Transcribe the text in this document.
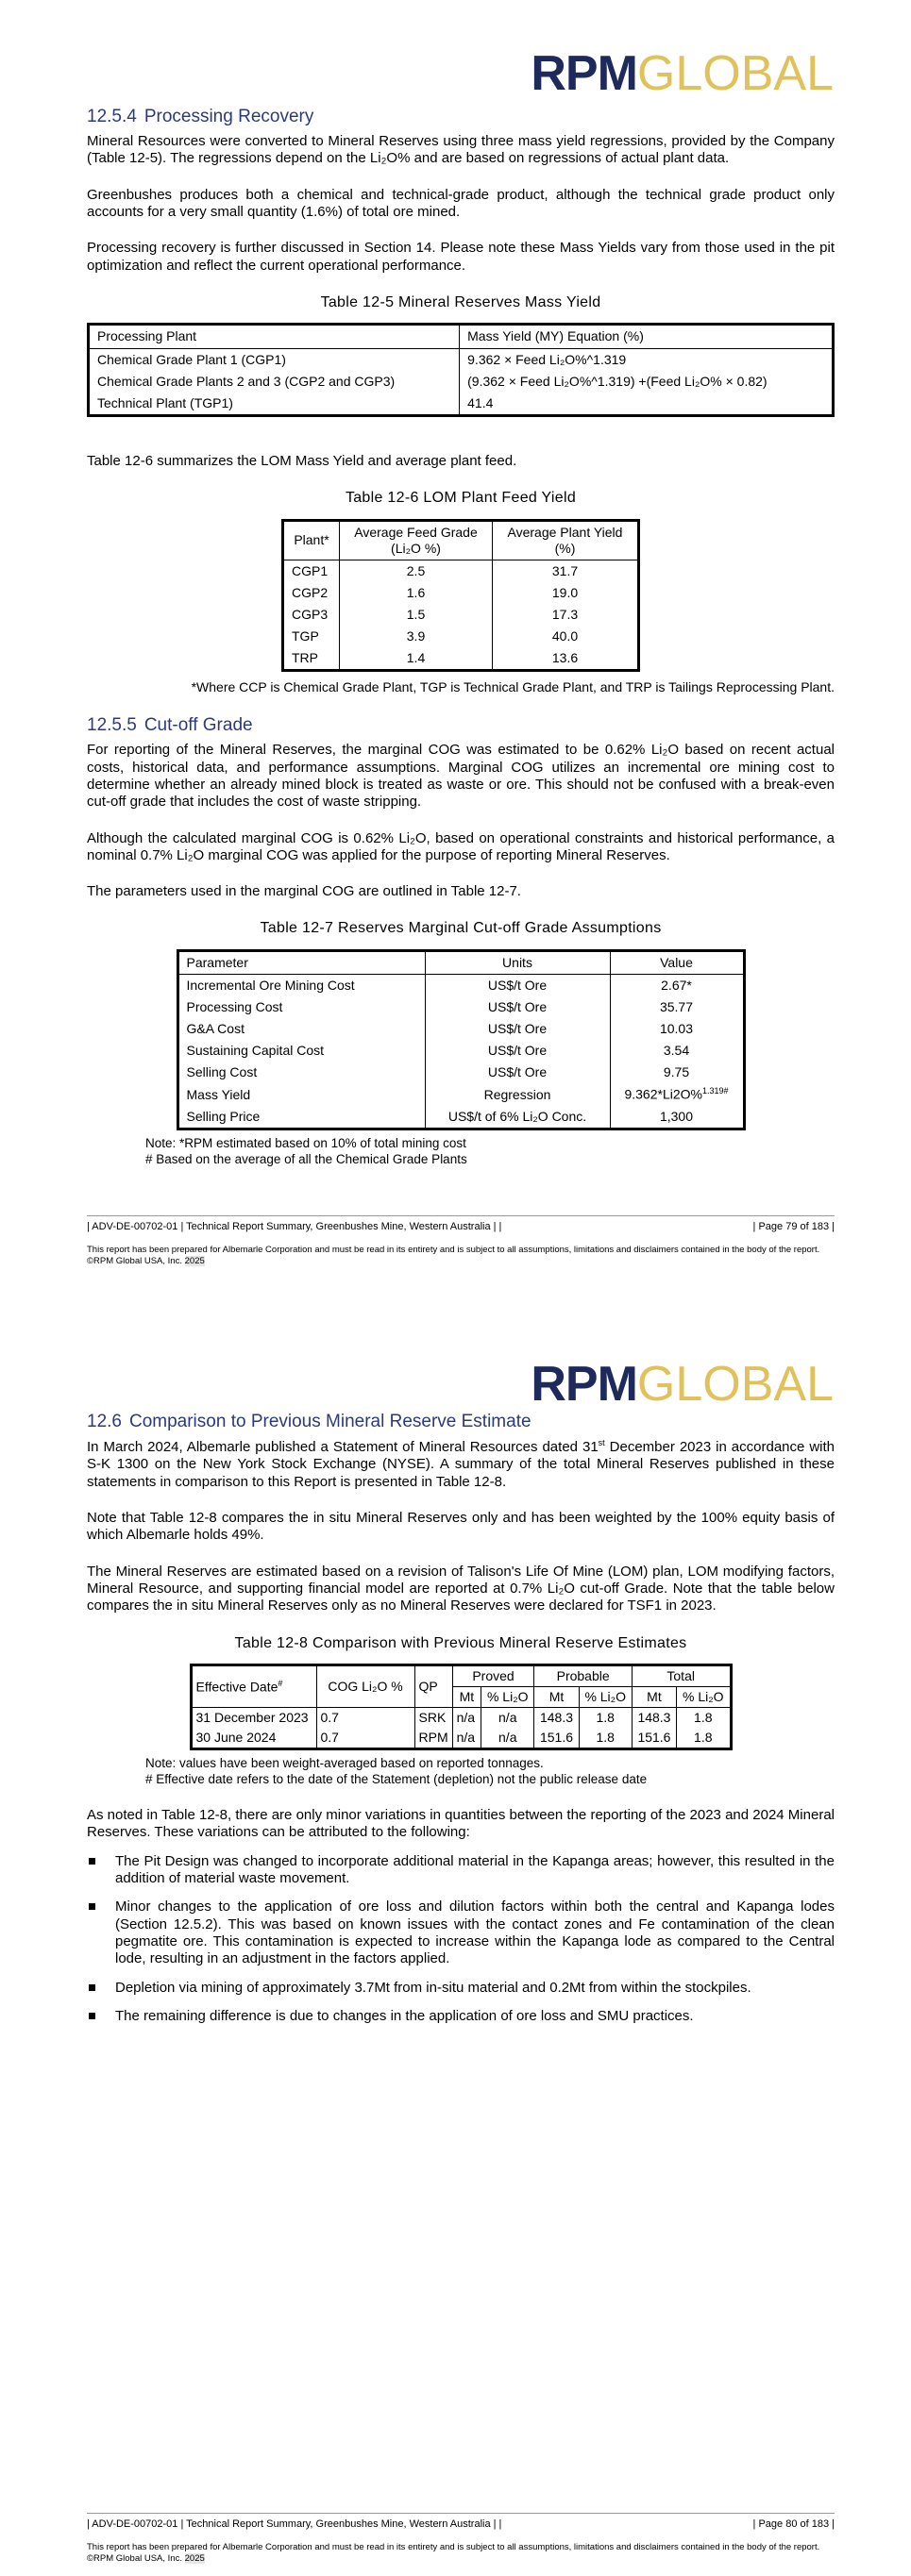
RPMGLOBAL
12.5.4 Processing Recovery

Mineral Resources were converted to Mineral Reserves using three mass yield regressions, provided by the Company (Table 12-5). The regressions depend on the Li₂O% and are based on regressions of actual plant data.

Greenbushes produces both a chemical and technical-grade product, although the technical grade product only accounts for a very small quantity (1.6%) of total ore mined.

Processing recovery is further discussed in Section 14. Please note these Mass Yields vary from those used in the pit optimization and reflect the current operational performance.

Table 12-5 Mineral Reserves Mass Yield
Processing Plant	Mass Yield (MY) Equation (%)
Chemical Grade Plant 1 (CGP1)	9.362 × Feed Li₂O%^1.319
Chemical Grade Plants 2 and 3 (CGP2 and CGP3)	(9.362 × Feed Li₂O%^1.319) +(Feed Li₂O% × 0.82)
Technical Plant (TGP1)	41.4

Table 12-6 summarizes the LOM Mass Yield and average plant feed.

Table 12-6 LOM Plant Feed Yield
Plant*	Average Feed Grade (Li₂O %)	Average Plant Yield (%)
CGP1	2.5	31.7
CGP2	1.6	19.0
CGP3	1.5	17.3
TGP	3.9	40.0
TRP	1.4	13.6
*Where CCP is Chemical Grade Plant, TGP is Technical Grade Plant, and TRP is Tailings Reprocessing Plant.
12.5.5 Cut-off Grade

For reporting of the Mineral Reserves, the marginal COG was estimated to be 0.62% Li₂O based on recent actual costs, historical data, and performance assumptions. Marginal COG utilizes an incremental ore mining cost to determine whether an already mined block is treated as waste or ore. This should not be confused with a break-even cut-off grade that includes the cost of waste stripping.

Although the calculated marginal COG is 0.62% Li₂O, based on operational constraints and historical performance, a nominal 0.7% Li₂O marginal COG was applied for the purpose of reporting Mineral Reserves.

The parameters used in the marginal COG are outlined in Table 12-7.

Table 12-7 Reserves Marginal Cut-off Grade Assumptions
Parameter	Units	Value
Incremental Ore Mining Cost	US$/t Ore	2.67*
Processing Cost	US$/t Ore	35.77
G&A Cost	US$/t Ore	10.03
Sustaining Capital Cost	US$/t Ore	3.54
Selling Cost	US$/t Ore	9.75
Mass Yield	Regression	9.362*Li2O%$^{1.319\#}$
Selling Price	US$/t of 6% Li₂O Conc.	1,300
Note: *RPM estimated based on 10% of total mining cost
# Based on the average of all the Chemical Grade Plants
| ADV-DE-00702-01 | Technical Report Summary, Greenbushes Mine, Western Australia | |	| Page 79 of 183 |
This report has been prepared for Albemarle Corporation and must be read in its entirety and is subject to all assumptions, limitations and disclaimers contained in the body of the report. ©RPM Global USA, Inc. 2025
RPMGLOBAL
12.6 Comparison to Previous Mineral Reserve Estimate

In March 2024, Albemarle published a Statement of Mineral Resources dated 31st December 2023 in accordance with S-K 1300 on the New York Stock Exchange (NYSE). A summary of the total Mineral Reserves published in these statements in comparison to this Report is presented in Table 12-8.

Note that Table 12-8 compares the in situ Mineral Reserves only and has been weighted by the 100% equity basis of which Albemarle holds 49%.

The Mineral Reserves are estimated based on a revision of Talison's Life Of Mine (LOM) plan, LOM modifying factors, Mineral Resource, and supporting financial model are reported at 0.7% Li₂O cut-off Grade. Note that the table below compares the in situ Mineral Reserves only as no Mineral Reserves were declared for TSF1 in 2023.

Table 12-8 Comparison with Previous Mineral Reserve Estimates
Effective Date#	COG Li₂O %	QP	Proved		Probable		Total	
			Mt	% Li₂O	Mt	% Li₂O	Mt	% Li₂O
31 December 2023	0.7	SRK	n/a	n/a	148.3	1.8	148.3	1.8
30 June 2024	0.7	RPM	n/a	n/a	151.6	1.8	151.6	1.8
Note: values have been weight-averaged based on reported tonnages.
# Effective date refers to the date of the Statement (depletion) not the public release date

As noted in Table 12-8, there are only minor variations in quantities between the reporting of the 2023 and 2024 Mineral Reserves. These variations can be attributed to the following:

The Pit Design was changed to incorporate additional material in the Kapanga areas; however, this resulted in the addition of material waste movement.
Minor changes to the application of ore loss and dilution factors within both the central and Kapanga lodes (Section 12.5.2). This was based on known issues with the contact zones and Fe contamination of the clean pegmatite ore. This contamination is expected to increase within the Kapanga lode as compared to the Central lode, resulting in an adjustment in the factors applied.
Depletion via mining of approximately 3.7Mt from in-situ material and 0.2Mt from within the stockpiles.
The remaining difference is due to changes in the application of ore loss and SMU practices.
| ADV-DE-00702-01 | Technical Report Summary, Greenbushes Mine, Western Australia | |	| Page 80 of 183 |
This report has been prepared for Albemarle Corporation and must be read in its entirety and is subject to all assumptions, limitations and disclaimers contained in the body of the report. ©RPM Global USA, Inc. 2025
